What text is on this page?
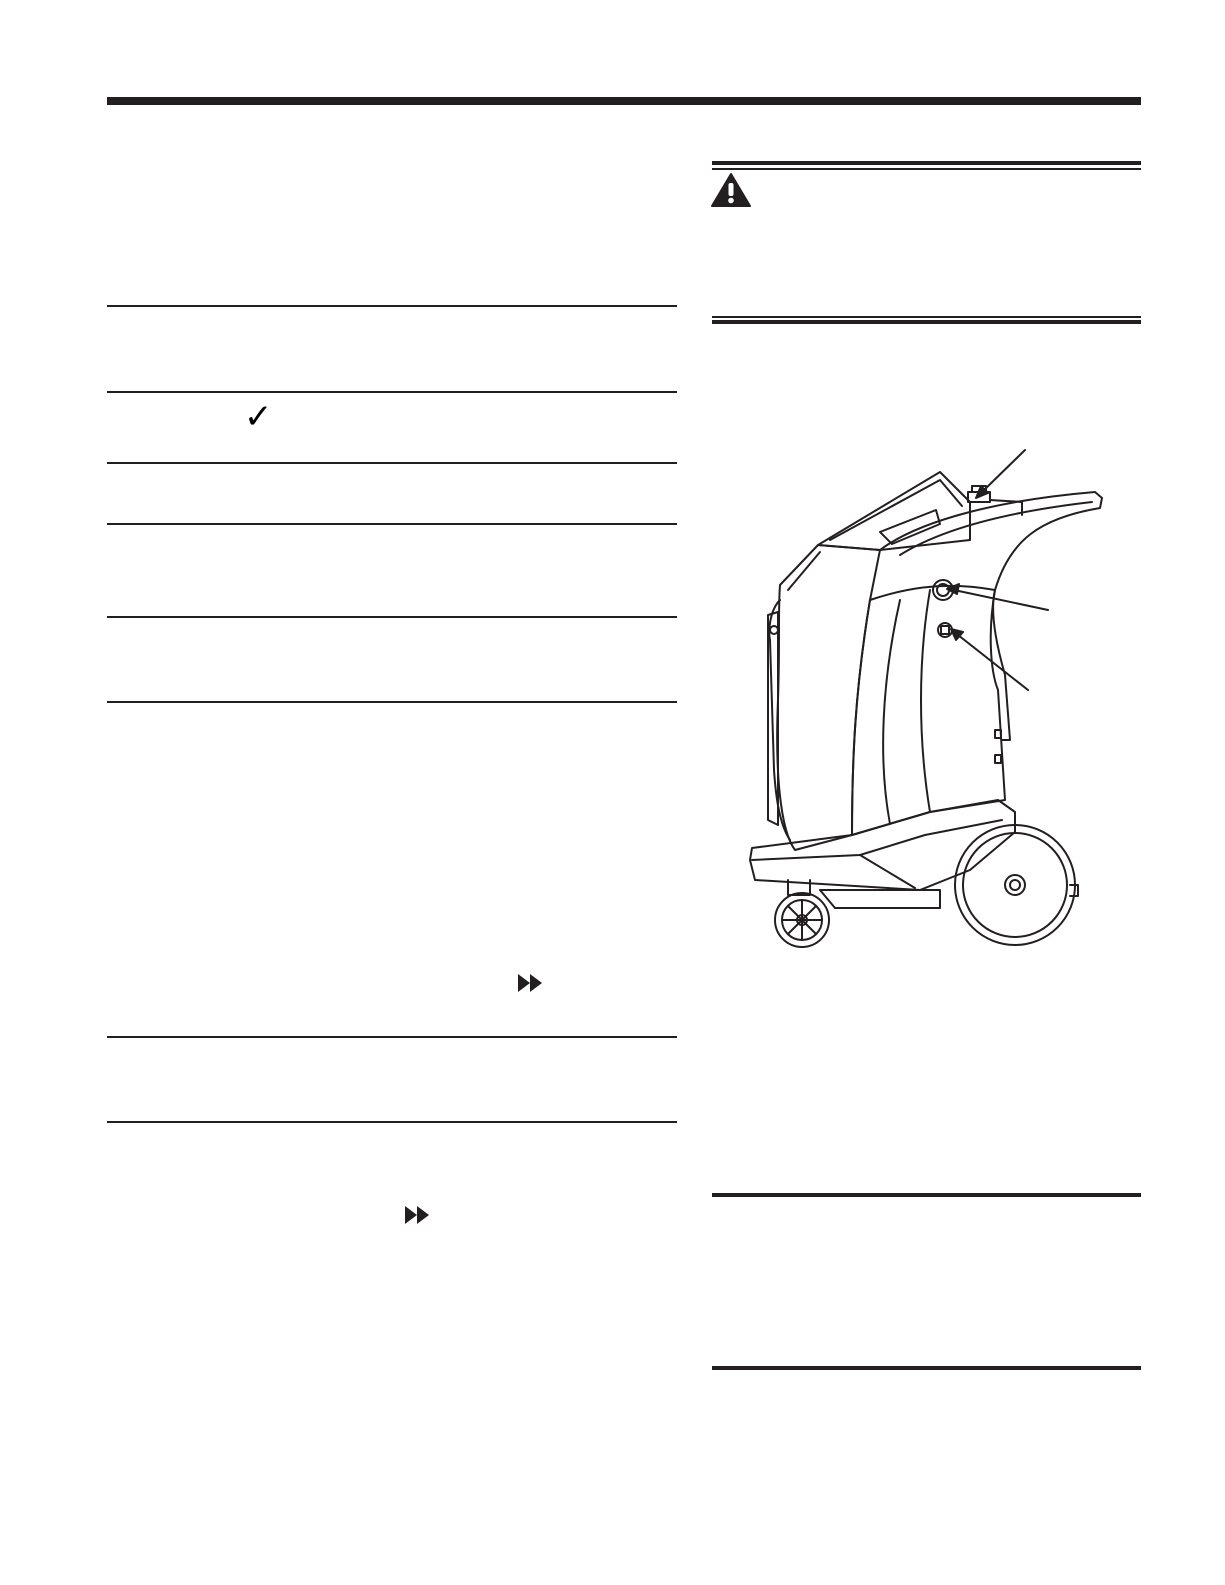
✓
